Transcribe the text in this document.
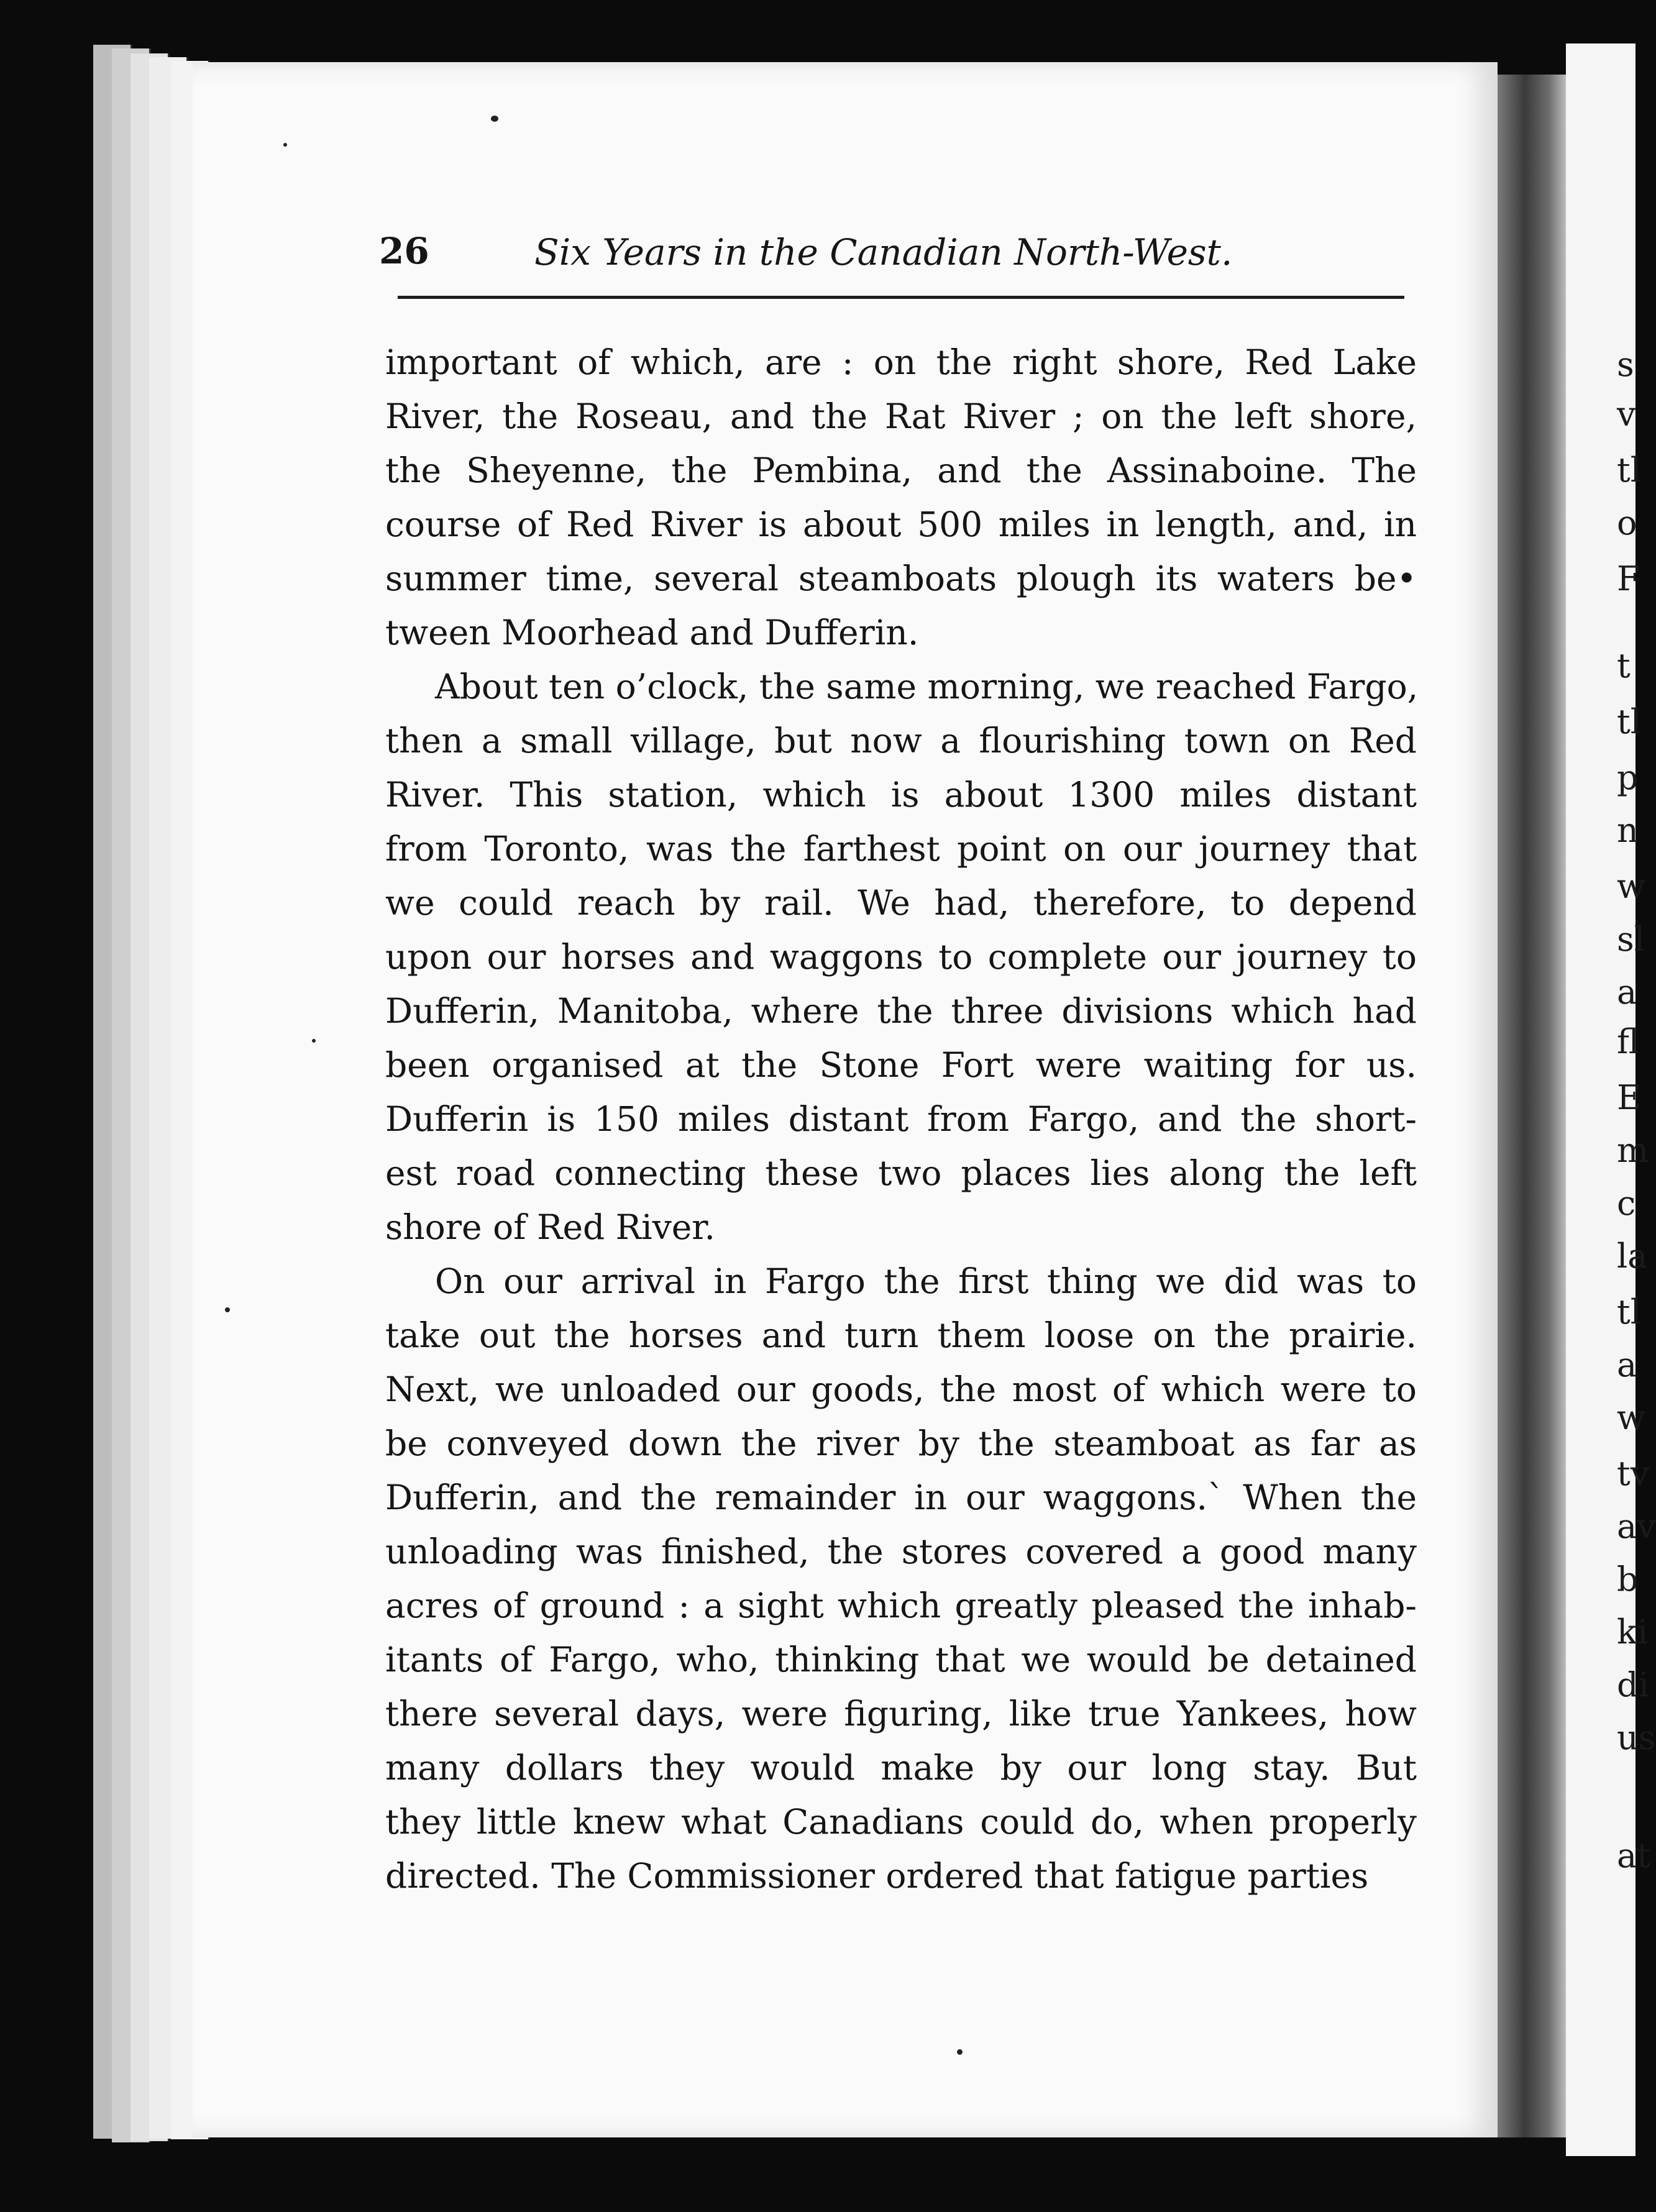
s
v
tl
o
F
t
tl
p
n
w
sl
a
fl
E
m
c
la
tl
a
w
tv
av
b
ki
di
us
at
26	Six Years in the Canadian North-West.
important of which, are : on the right shore, Red Lake
River, the Roseau, and the Rat River ; on the left shore,
the Sheyenne, the Pembina, and the Assinaboine. The
course of Red River is about 500 miles in length, and, in
summer time, several steamboats plough its waters be•
tween Moorhead and Dufferin.
About ten o’clock, the same morning, we reached Fargo,
then a small village, but now a flourishing town on Red
River. This station, which is about 1300 miles distant
from Toronto, was the farthest point on our journey that
we could reach by rail. We had, therefore, to depend
upon our horses and waggons to complete our journey to
Dufferin, Manitoba, where the three divisions which had
been organised at the Stone Fort were waiting for us.
Dufferin is 150 miles distant from Fargo, and the short-
est road connecting these two places lies along the left
shore of Red River.
On our arrival in Fargo the first thing we did was to
take out the horses and turn them loose on the prairie.
Next, we unloaded our goods, the most of which were to
be conveyed down the river by the steamboat as far as
Dufferin, and the remainder in our waggons.` When the
unloading was finished, the stores covered a good many
acres of ground : a sight which greatly pleased the inhab-
itants of Fargo, who, thinking that we would be detained
there several days, were figuring, like true Yankees, how
many dollars they would make by our long stay. But
they little knew what Canadians could do, when properly
directed. The Commissioner ordered that fatigue parties
